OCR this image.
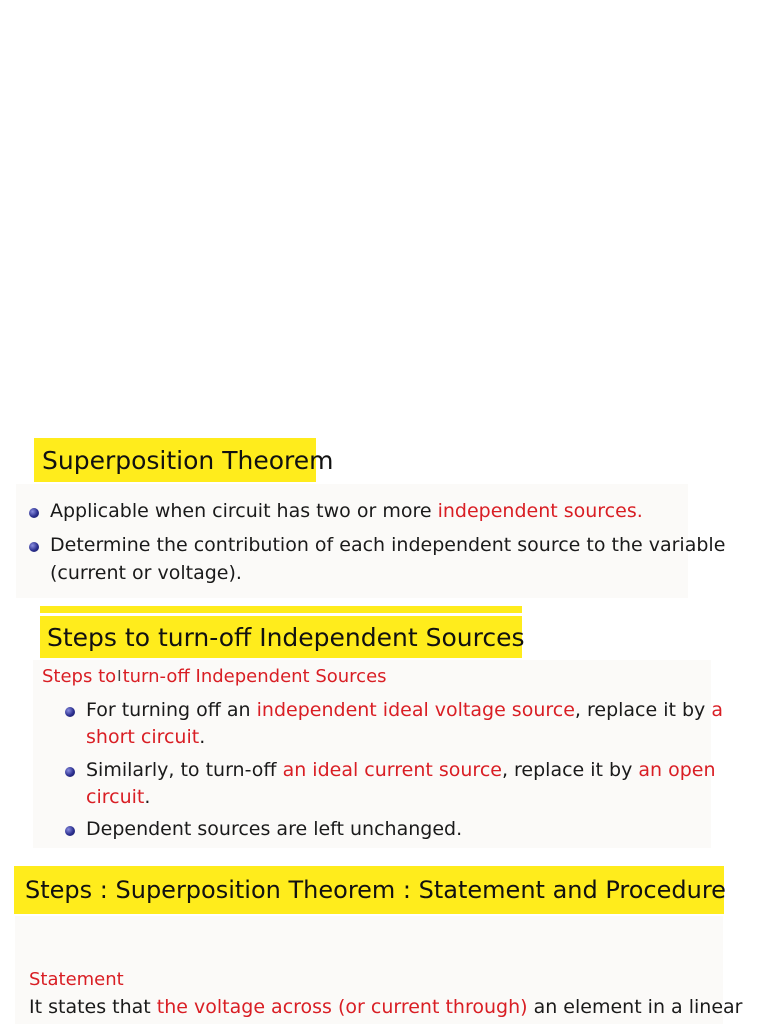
Superposition Theorem
Applicable when circuit has two or more independent sources.
Determine the contribution of each independent source to the variable
(current or voltage).
Steps to turn-off Independent Sources
Steps toIturn-off Independent Sources
For turning off an independent ideal voltage source, replace it by a
short circuit.
Similarly, to turn-off an ideal current source, replace it by an open
circuit.
Dependent sources are left unchanged.
Steps : Superposition Theorem : Statement and Procedure
Statement
It states that the voltage across (or current through) an element in a linear
